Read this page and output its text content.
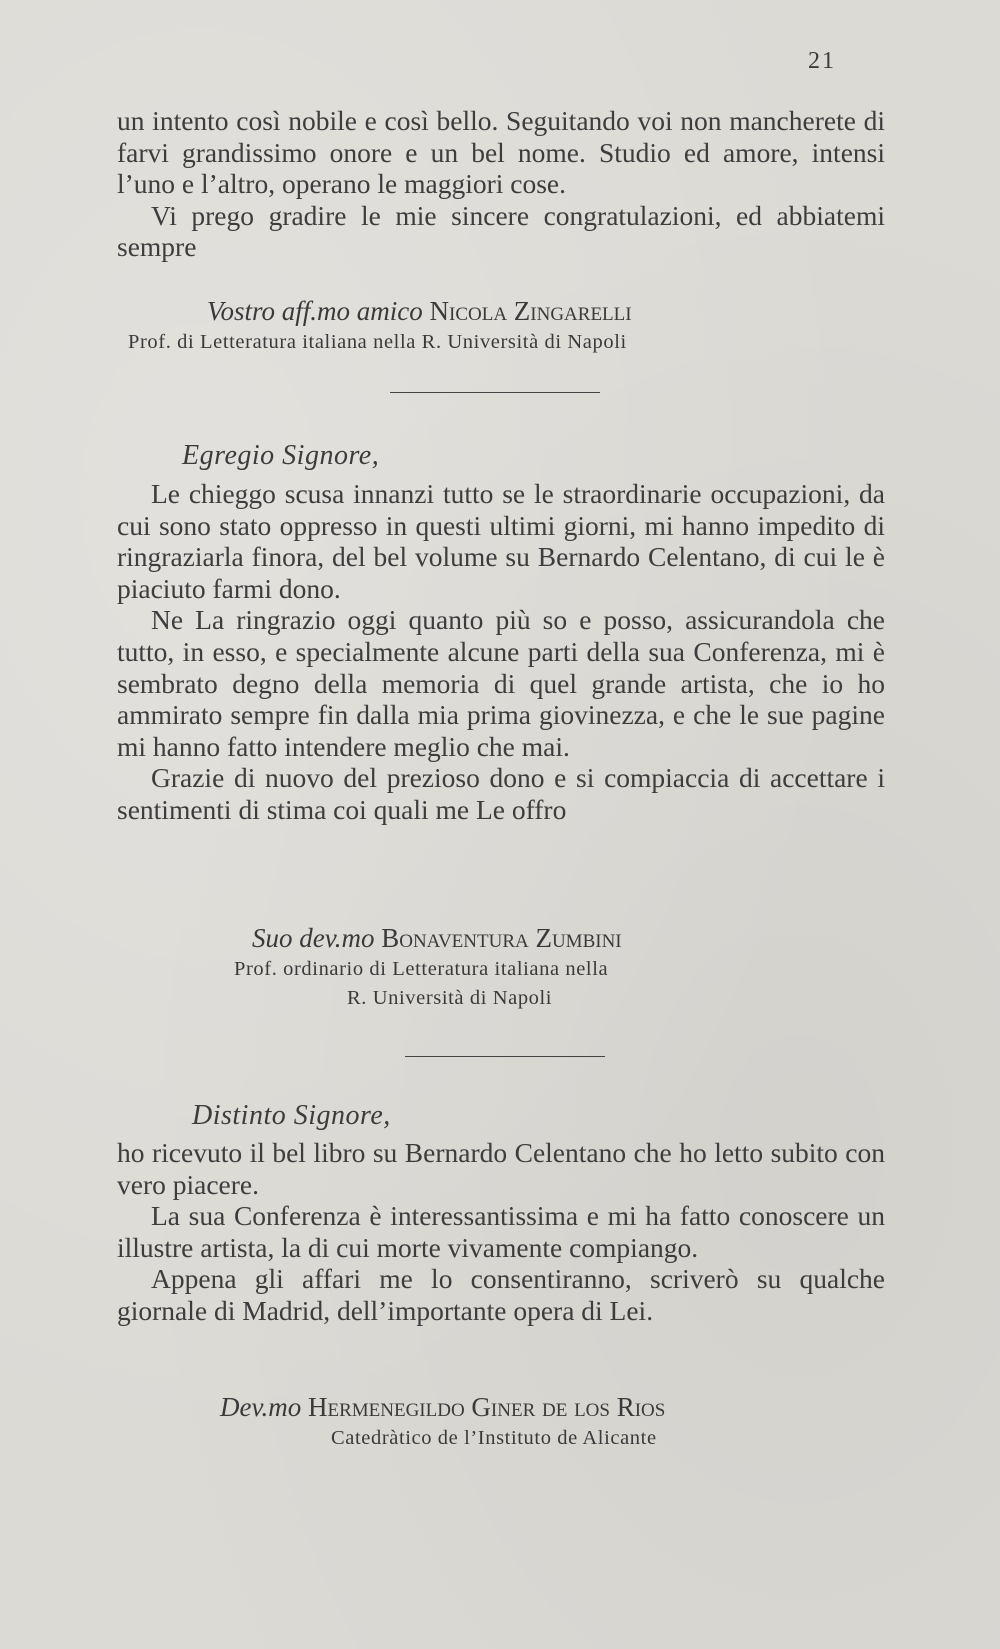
21

un intento così nobile e così bello. Seguitando voi non mancherete di farvi grandissimo onore e un bel nome. Studio ed amore, intensi l’uno e l’altro, operano le maggiori cose.

Vi prego gradire le mie sincere congratulazioni, ed abbiatemi sempre

Vostro aff.mo amico Nicola Zingarelli
Prof. di Letteratura italiana nella R. Università di Napoli
Egregio Signore,

Le chieggo scusa innanzi tutto se le straordinarie occupazioni, da cui sono stato oppresso in questi ultimi giorni, mi hanno impedito di ringraziarla finora, del bel volume su Bernardo Celentano, di cui le è piaciuto farmi dono.

Ne La ringrazio oggi quanto più so e posso, assicurandola che tutto, in esso, e specialmente alcune parti della sua Conferenza, mi è sembrato degno della memoria di quel grande artista, che io ho ammirato sempre fin dalla mia prima giovinezza, e che le sue pagine mi hanno fatto intendere meglio che mai.

Grazie di nuovo del prezioso dono e si compiaccia di accettare i sentimenti di stima coi quali me Le offro

Suo dev.mo Bonaventura Zumbini
Prof. ordinario di Letteratura italiana nella
R. Università di Napoli
Distinto Signore,

ho ricevuto il bel libro su Bernardo Celentano che ho letto subito con vero piacere.

La sua Conferenza è interessantissima e mi ha fatto conoscere un illustre artista, la di cui morte vivamente compiango.

Appena gli affari me lo consentiranno, scriverò su qualche giornale di Madrid, dell’importante opera di Lei.

Dev.mo Hermenegildo Giner de los Rios
Catedràtico de l’Instituto de Alicante
